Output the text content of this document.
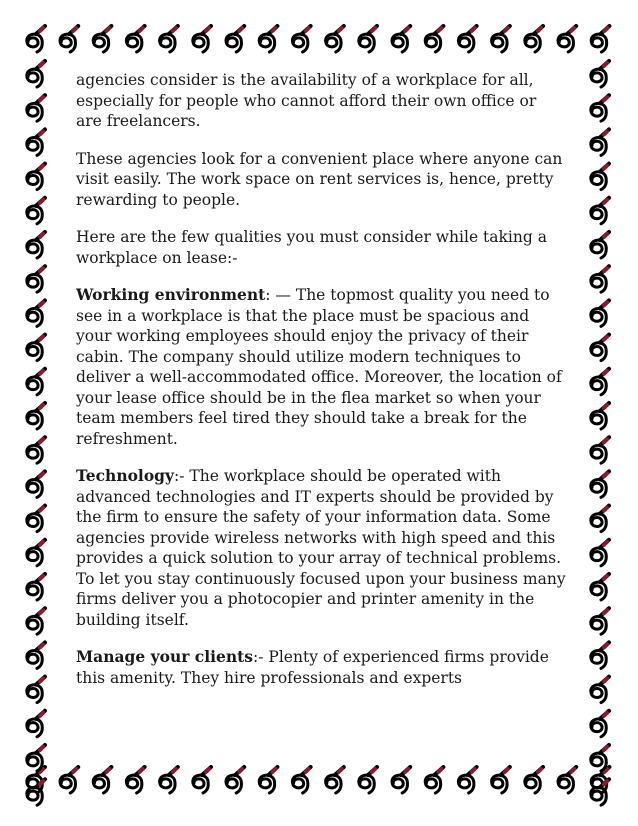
agencies consider is the availability of a workplace for all, especially for people who cannot afford their own office or are freelancers.

These agencies look for a convenient place where anyone can visit easily. The work space on rent services is, hence, pretty rewarding to people.

Here are the few qualities you must consider while taking a workplace on lease:-

Working environment: — The topmost quality you need to see in a workplace is that the place must be spacious and your working employees should enjoy the privacy of their cabin. The company should utilize modern techniques to deliver a well-accommodated office. Moreover, the location of your lease office should be in the flea market so when your team members feel tired they should take a break for the refreshment.

Technology:- The workplace should be operated with advanced technologies and IT experts should be provided by the firm to ensure the safety of your information data. Some agencies provide wireless networks with high speed and this provides a quick solution to your array of technical problems. To let you stay continuously focused upon your business many firms deliver you a photocopier and printer amenity in the building itself.

Manage your clients:- Plenty of experienced firms provide this amenity. They hire professionals and experts
